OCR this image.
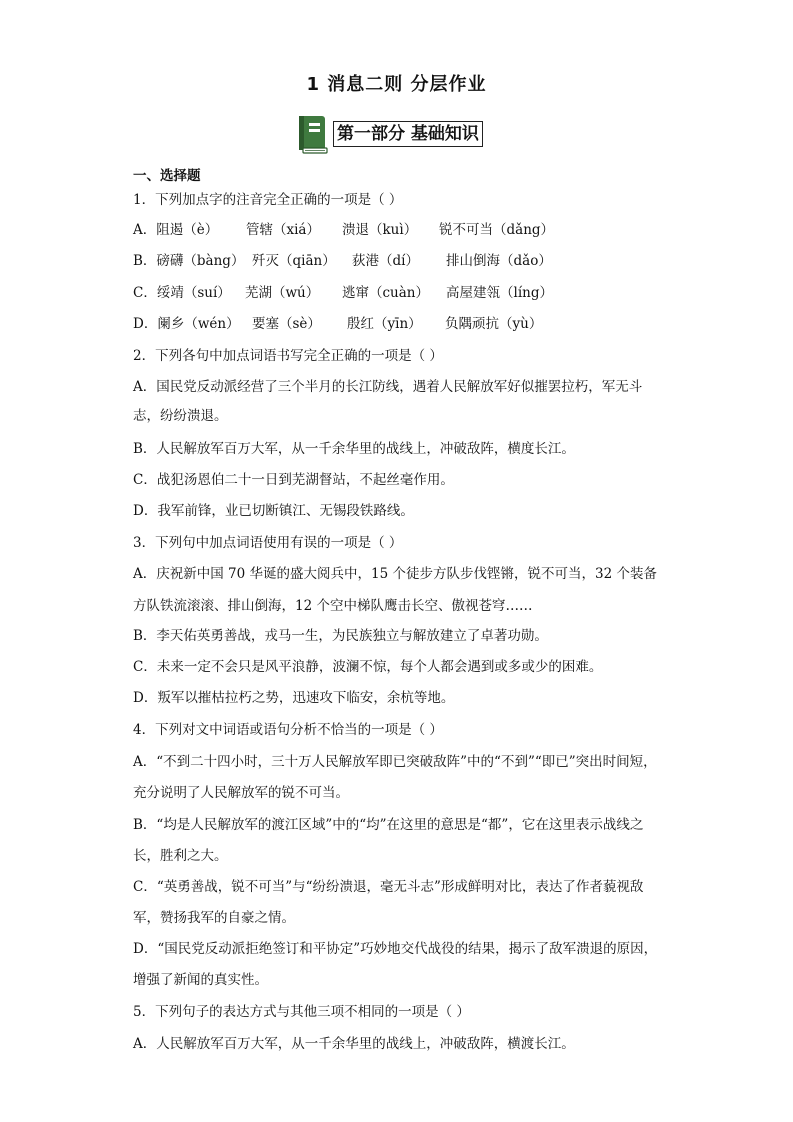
1 消息二则 分层作业
第一部分 基础知识
一、选择题
1．下列加点字的注音完全正确的一项是（ ）
A．阻遏（è） 管辖（xiá） 溃退（kuì） 锐不可当（dǎng）
B．磅礴（bàng） 歼灭（qiān） 荻港（dí） 排山倒海（dǎo）
C．绥靖（suí） 芜湖（wú） 逃窜（cuàn） 高屋建瓴（líng）
D．阑乡（wén） 要塞（sè） 殷红（yīn） 负隅顽抗（yù）
2．下列各句中加点词语书写完全正确的一项是（ ）
A．国民党反动派经营了三个半月的长江防线，遇着人民解放军好似摧罢拉朽，军无斗
志，纷纷溃退。
B．人民解放军百万大军，从一千余华里的战线上，冲破敌阵，横度长江。
C．战犯汤恩伯二十一日到芜湖督站，不起丝毫作用。
D．我军前锋，业已切断镇江、无锡段铁路线。
3．下列句中加点词语使用有误的一项是（ ）
A．庆祝新中国 70 华诞的盛大阅兵中，15 个徒步方队步伐铿锵，锐不可当，32 个装备
方队铁流滚滚、排山倒海，12 个空中梯队鹰击长空、傲视苍穹……
B．李天佑英勇善战，戎马一生，为民族独立与解放建立了卓著功勋。
C．未来一定不会只是风平浪静，波澜不惊，每个人都会遇到或多或少的困难。
D．叛军以摧枯拉朽之势，迅速攻下临安，余杭等地。
4．下列对文中词语或语句分析不恰当的一项是（ ）
A．“不到二十四小时，三十万人民解放军即已突破敌阵”中的“不到”“即已”突出时间短，
充分说明了人民解放军的锐不可当。
B．“均是人民解放军的渡江区域”中的“均”在这里的意思是“都”，它在这里表示战线之
长，胜利之大。
C．“英勇善战，锐不可当”与“纷纷溃退，毫无斗志”形成鲜明对比，表达了作者藐视敌
军，赞扬我军的自豪之情。
D．“国民党反动派拒绝签订和平协定”巧妙地交代战役的结果，揭示了敌军溃退的原因，
增强了新闻的真实性。
5．下列句子的表达方式与其他三项不相同的一项是（ ）
A．人民解放军百万大军，从一千余华里的战线上，冲破敌阵，横渡长江。
